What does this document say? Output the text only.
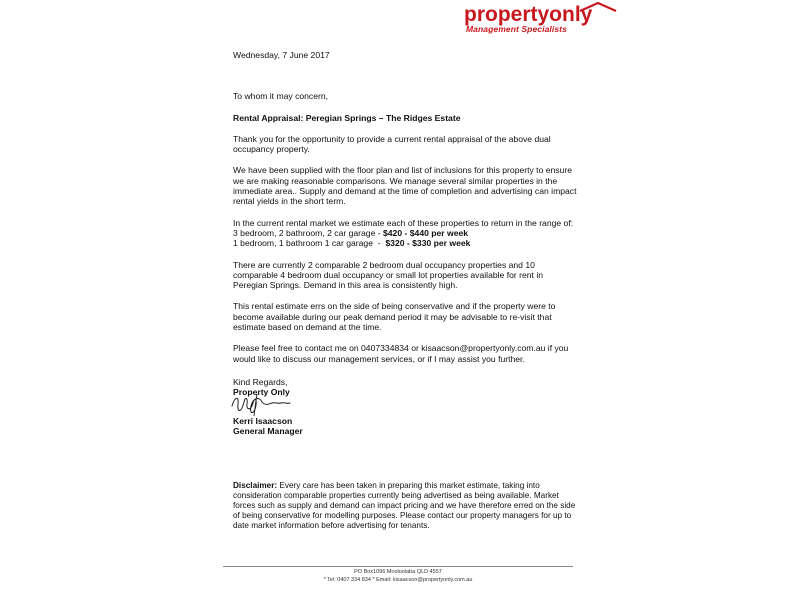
propertyonly
Management Specialists

Wednesday, 7 June 2017

To whom it may concern,

Rental Appraisal: Peregian Springs – The Ridges Estate

Thank you for the opportunity to provide a current rental appraisal of the above dual occupancy property.

We have been supplied with the floor plan and list of inclusions for this property to ensure we are making reasonable comparisons. We manage several similar properties in the immediate area.. Supply and demand at the time of completion and advertising can impact rental yields in the short term.

In the current rental market we estimate each of these properties to return in the range of:

3 bedroom, 2 bathroom, 2 car garage - $420 - $440 per week

1 bedroom, 1 bathroom 1 car garage  -  $320 - $330 per week

There are currently 2 comparable 2 bedroom dual occupancy properties and 10 comparable 4 bedroom dual occupancy or small lot properties available for rent in Peregian Springs. Demand in this area is consistently high.

This rental estimate errs on the side of being conservative and if the property were to become available during our peak demand period it may be advisable to re-visit that estimate based on demand at the time.

Please feel free to contact me on 0407334834 or kisaacson@propertyonly.com.au if you would like to discuss our management services, or if I may assist you further.

Kind Regards,

Property Only

Kerri Isaacson

General Manager

Disclaimer: Every care has been taken in preparing this market estimate, taking into consideration comparable properties currently being advertised as being available. Market forces such as supply and demand can impact pricing and we have therefore erred on the side of being conservative for modelling purposes. Please contact our property managers for up to date market information before advertising for tenants.
PO Box1096 Mooloolaba QLD 4557
* Tel: 0407 334 834 * Email: kisaacson@propertyonly.com.au
